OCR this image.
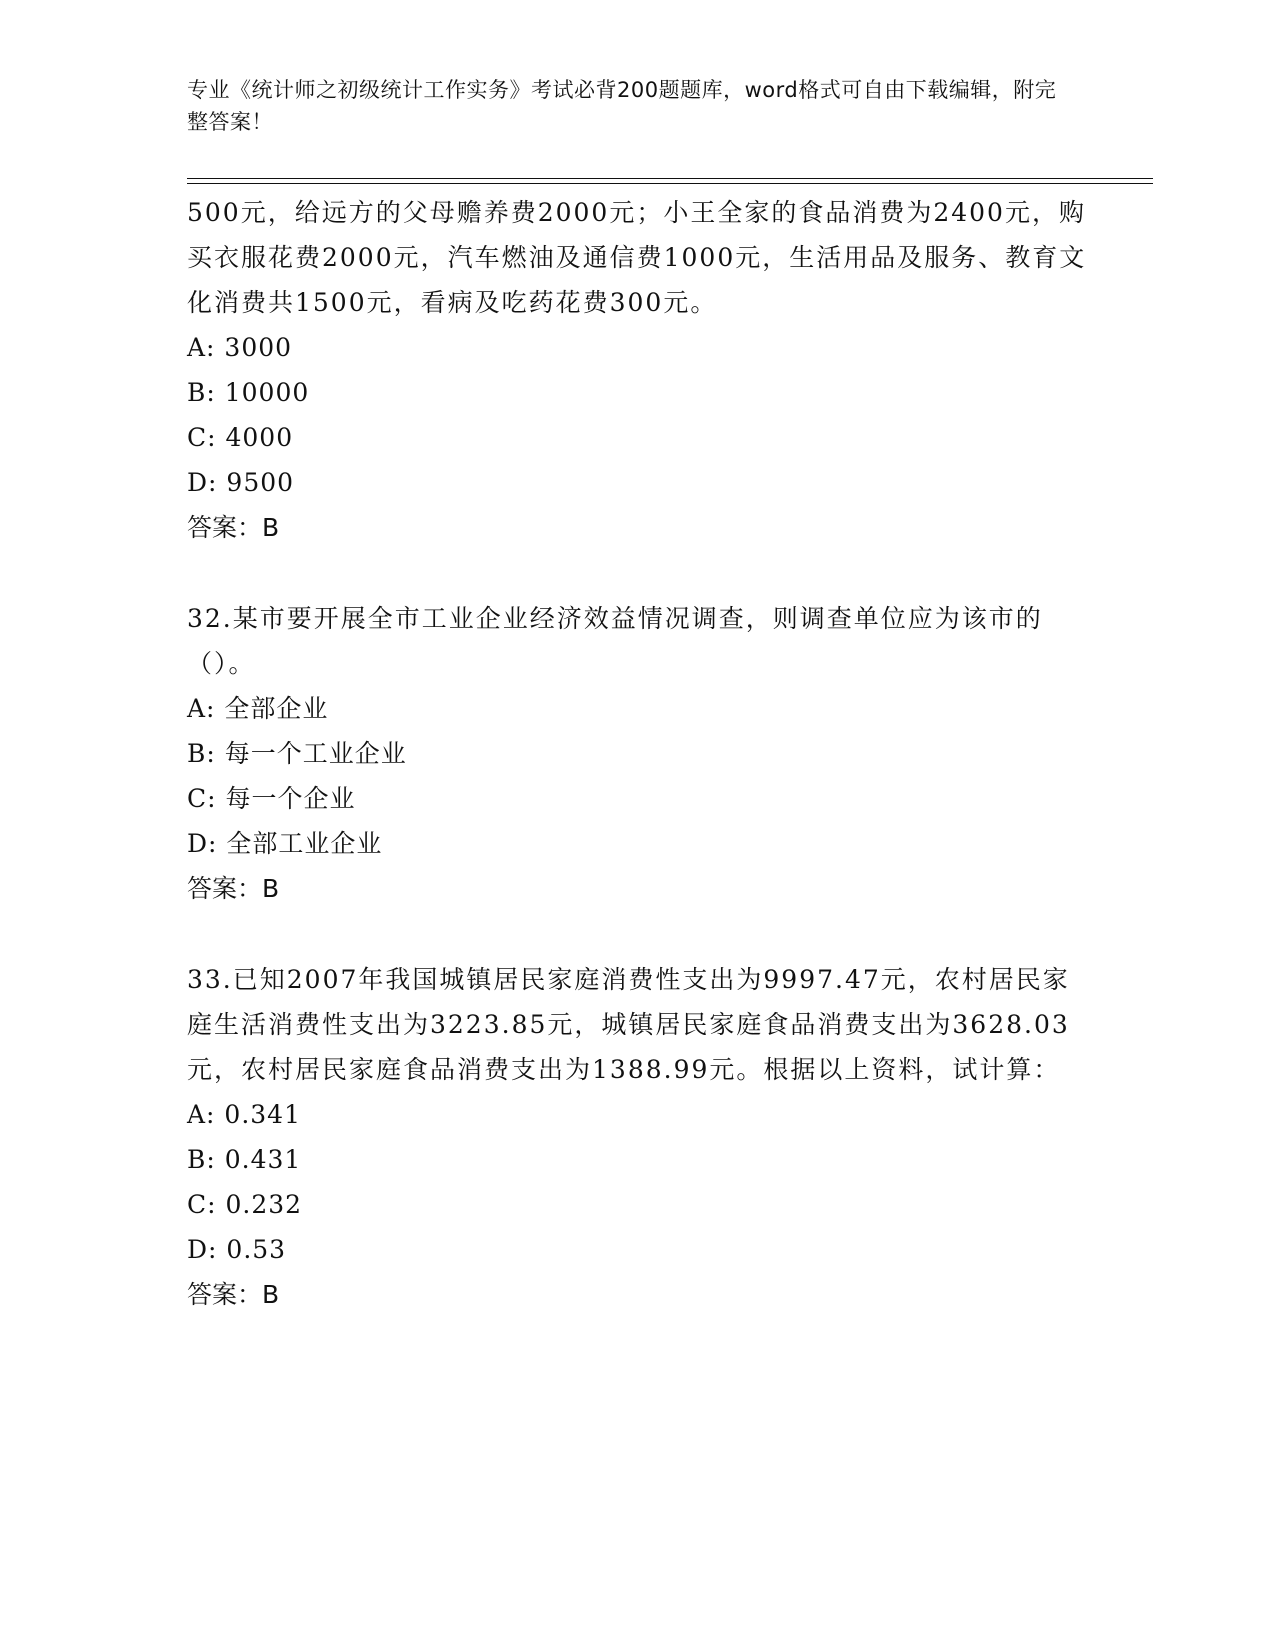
专业《统计师之初级统计工作实务》考试必背200题题库，word格式可自由下载编辑，附完整答案！

500元，给远方的父母赡养费2000元；小王全家的食品消费为2400元，购买衣服花费2000元，汽车燃油及通信费1000元，生活用品及服务、教育文化消费共1500元，看病及吃药花费300元。

A: 3000

B: 10000

C: 4000

D: 9500

答案：B

32.某市要开展全市工业企业经济效益情况调查，则调查单位应为该市的（）。

A: 全部企业

B: 每一个工业企业

C: 每一个企业

D: 全部工业企业

答案：B

33.已知2007年我国城镇居民家庭消费性支出为9997.47元，农村居民家庭生活消费性支出为3223.85元，城镇居民家庭食品消费支出为3628.03元，农村居民家庭食品消费支出为1388.99元。根据以上资料，试计算：

A: 0.341

B: 0.431

C: 0.232

D: 0.53

答案：B
